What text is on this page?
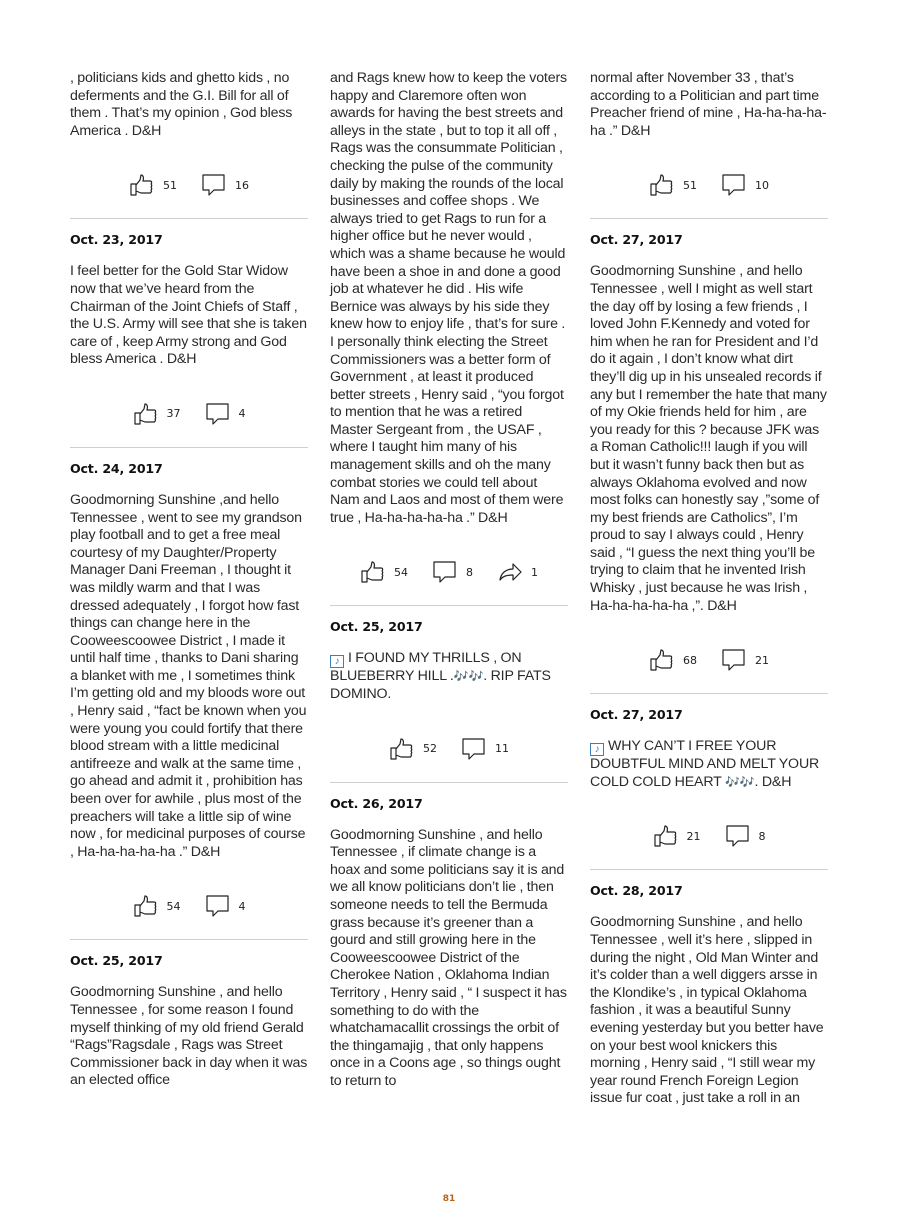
, politicians kids and ghetto kids , no deferments and the G.I. Bill for all of them . That’s my opinion , God bless America . D&H

51	16
Oct. 23, 2017

I feel better for the Gold Star Widow now that we’ve heard from the Chairman of the Joint Chiefs of Staff , the U.S. Army will see that she is taken care of , keep Army strong and God bless America . D&H

37	4
Oct. 24, 2017

Goodmorning Sunshine ,and hello Tennessee , went to see my grandson play football and to get a free meal courtesy of my Daughter/Property Manager Dani Freeman , I thought it was mildly warm and that I was dressed adequately , I forgot how fast things can change here in the Cooweescoowee District , I made it until half time , thanks to Dani sharing a blanket with me , I sometimes think I’m getting old and my bloods wore out , Henry said , “fact be known when you were young you could fortify that there blood stream with a little medicinal antifreeze and walk at the same time , go ahead and admit it , prohibition has been over for awhile , plus most of the preachers will take a little sip of wine now , for medicinal purposes of course , Ha-ha-ha-ha-ha .” D&H

54	4
Oct. 25, 2017

Goodmorning Sunshine , and hello Tennessee , for some reason I found myself thinking of my old friend Gerald “Rags”Ragsdale , Rags was Street Commissioner back in day when it was an elected office

and Rags knew how to keep the voters happy and Claremore often won awards for having the best streets and alleys in the state , but to top it all off , Rags was the consummate Politician , checking the pulse of the community daily by making the rounds of the local businesses and coffee shops . We always tried to get Rags to run for a higher office but he never would , which was a shame because he would have been a shoe in and done a good job at whatever he did . His wife Bernice was always by his side they knew how to enjoy life , that’s for sure . I personally think electing the Street Commissioners was a better form of Government , at least it produced better streets , Henry said , “you forgot to mention that he was a retired Master Sergeant from , the USAF , where I taught him many of his management skills and oh the many combat stories we could tell about Nam and Laos and most of them were true , Ha-ha-ha-ha-ha .” D&H

54	8	1
Oct. 25, 2017

♪ I FOUND MY THRILLS , ON BLUEBERRY HILL .🎶🎶. RIP FATS DOMINO.

52	11
Oct. 26, 2017

Goodmorning Sunshine , and hello Tennessee , if climate change is a hoax and some politicians say it is and we all know politicians don’t lie , then someone needs to tell the Bermuda grass because it’s greener than a gourd and still growing here in the Cooweescoowee District of the Cherokee Nation , Oklahoma Indian Territory , Henry said , “ I suspect it has something to do with the whatchamacallit crossings the orbit of the thingamajig , that only happens once in a Coons age , so things ought to return to

normal after November 33 , that’s according to a Politician and part time Preacher friend of mine , Ha-ha-ha-ha-ha .” D&H

51	10
Oct. 27, 2017

Goodmorning Sunshine , and hello Tennessee , well I might as well start the day off by losing a few friends , I loved John F.Kennedy and voted for him when he ran for President and I’d do it again , I don’t know what dirt they’ll dig up in his unsealed records if any but I remember the hate that many of my Okie friends held for him , are you ready for this ? because JFK was a Roman Catholic!!! laugh if you will but it wasn’t funny back then but as always Oklahoma evolved and now most folks can honestly say ,”some of my best friends are Catholics”, I’m proud to say I always could , Henry said , “I guess the next thing you’ll be trying to claim that he invented Irish Whisky , just because he was Irish , Ha-ha-ha-ha-ha ,”. D&H

68	21
Oct. 27, 2017

♪ WHY CAN’T I FREE YOUR DOUBTFUL MIND AND MELT YOUR COLD COLD HEART 🎶🎶. D&H

21	8
Oct. 28, 2017

Goodmorning Sunshine , and hello Tennessee , well it’s here , slipped in during the night , Old Man Winter and it’s colder than a well diggers arsse in the Klondike’s , in typical Oklahoma fashion , it was a beautiful Sunny evening yesterday but you better have on your best wool knickers this morning , Henry said , “I still wear my year round French Foreign Legion issue fur coat , just take a roll in an

81
